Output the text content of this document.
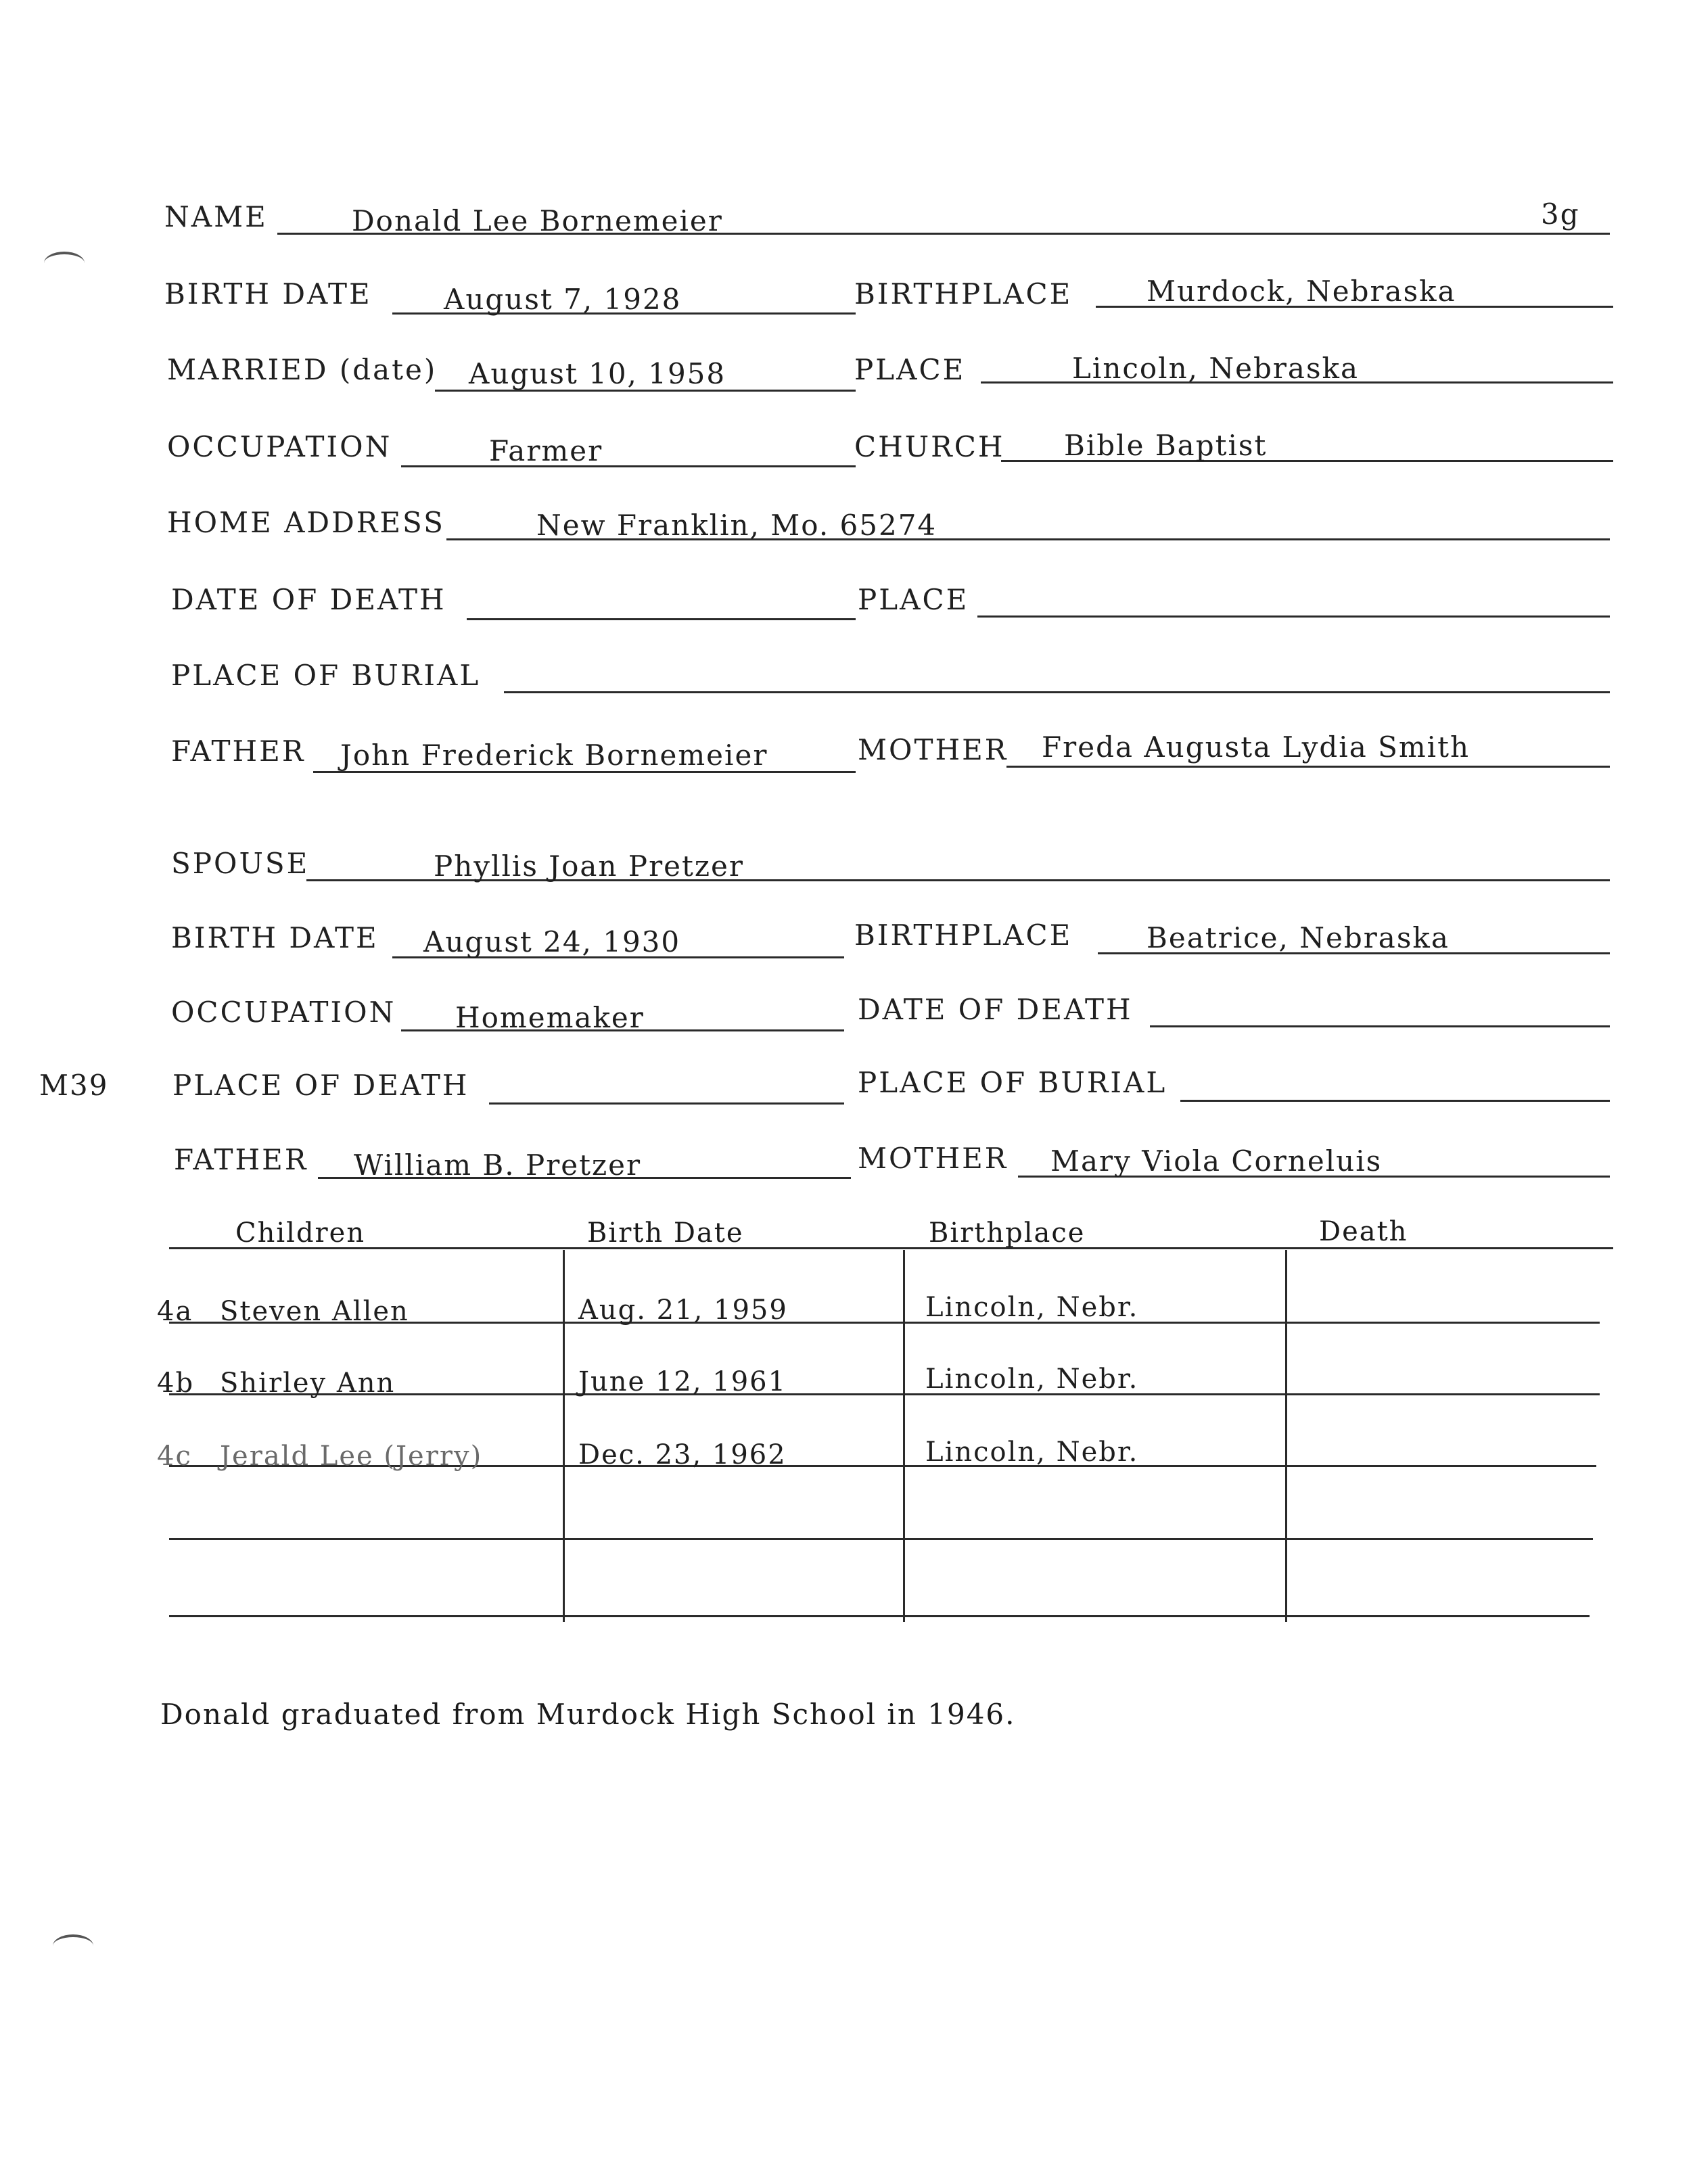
NAME	Donald Lee Bornemeier	3g
BIRTH DATE	August 7, 1928	BIRTHPLACE	Murdock, Nebraska
MARRIED (date) August 10, 1958	PLACE	Lincoln, Nebraska
OCCUPATION	Farmer	CHURCH Bible Baptist
HOME ADDRESS	New Franklin, Mo. 65274
DATE OF DEATH	PLACE
PLACE OF BURIAL
FATHER John Frederick Bornemeier	MOTHER Freda Augusta Lydia Smith
SPOUSE	Phyllis Joan Pretzer
BIRTH DATE August 24, 1930	BIRTHPLACE	Beatrice, Nebraska
OCCUPATION Homemaker	DATE OF DEATH
M39 PLACE OF DEATH	PLACE OF BURIAL
FATHER William B. Pretzer	MOTHER Mary Viola Corneluis
Children	Birth Date	Birthplace	Death
4a Steven Allen	Aug. 21, 1959	Lincoln, Nebr.
4b Shirley Ann	June 12, 1961	Lincoln, Nebr.
4c Jerald Lee (Jerry)	Dec. 23, 1962	Lincoln, Nebr.
Donald graduated from Murdock High School in 1946.
